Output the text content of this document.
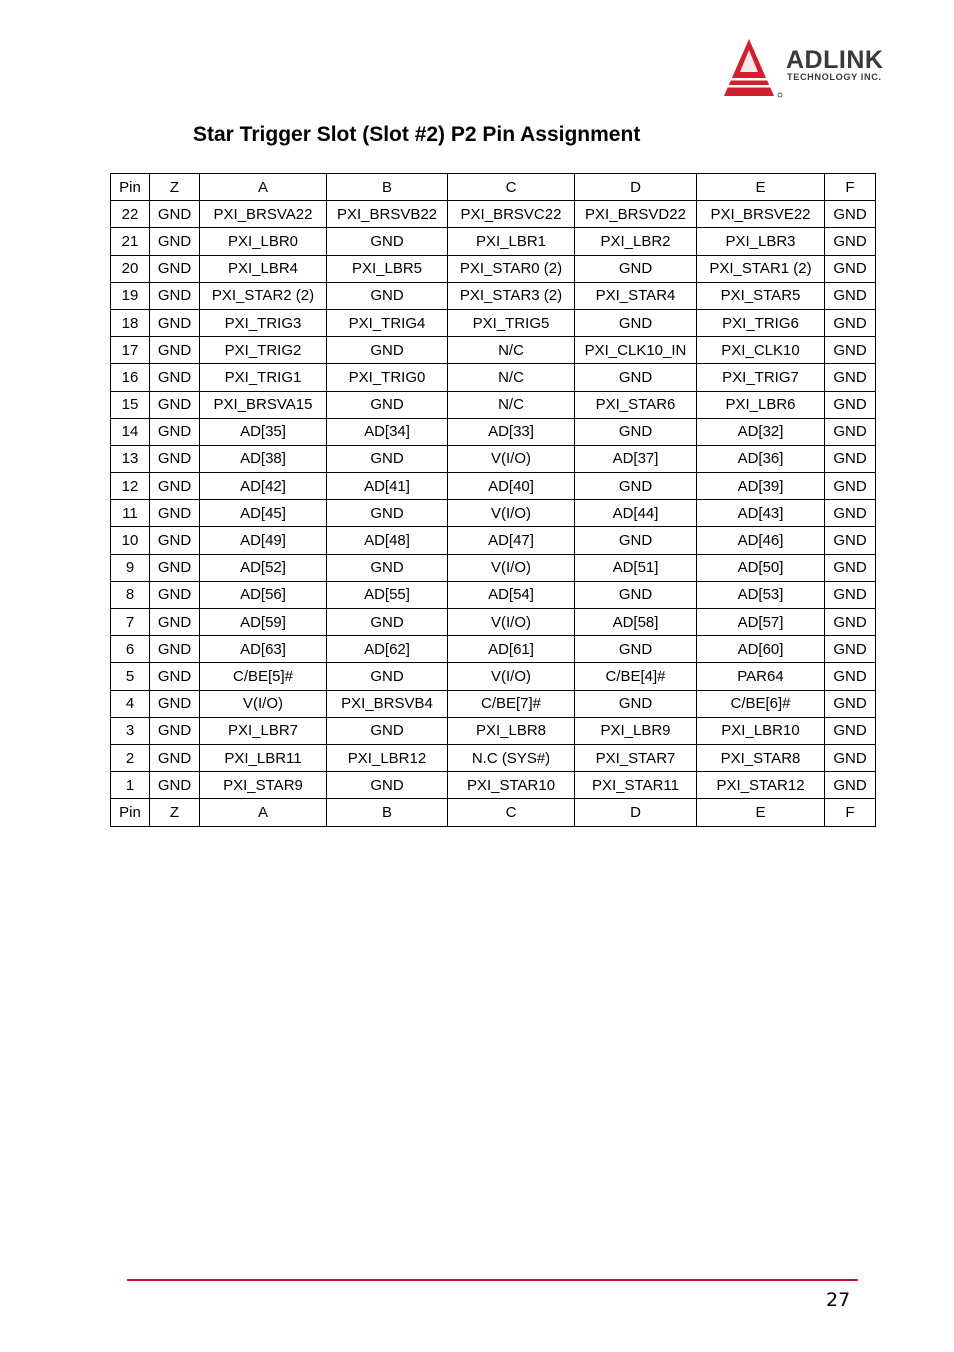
ADLINK
TECHNOLOGY INC.
Star Trigger Slot (Slot #2) P2 Pin Assignment
Pin	Z	A	B	C	D	E	F
22	GND	PXI_BRSVA22	PXI_BRSVB22	PXI_BRSVC22	PXI_BRSVD22	PXI_BRSVE22	GND
21	GND	PXI_LBR0	GND	PXI_LBR1	PXI_LBR2	PXI_LBR3	GND
20	GND	PXI_LBR4	PXI_LBR5	PXI_STAR0 (2)	GND	PXI_STAR1 (2)	GND
19	GND	PXI_STAR2 (2)	GND	PXI_STAR3 (2)	PXI_STAR4	PXI_STAR5	GND
18	GND	PXI_TRIG3	PXI_TRIG4	PXI_TRIG5	GND	PXI_TRIG6	GND
17	GND	PXI_TRIG2	GND	N/C	PXI_CLK10_IN	PXI_CLK10	GND
16	GND	PXI_TRIG1	PXI_TRIG0	N/C	GND	PXI_TRIG7	GND
15	GND	PXI_BRSVA15	GND	N/C	PXI_STAR6	PXI_LBR6	GND
14	GND	AD[35]	AD[34]	AD[33]	GND	AD[32]	GND
13	GND	AD[38]	GND	V(I/O)	AD[37]	AD[36]	GND
12	GND	AD[42]	AD[41]	AD[40]	GND	AD[39]	GND
11	GND	AD[45]	GND	V(I/O)	AD[44]	AD[43]	GND
10	GND	AD[49]	AD[48]	AD[47]	GND	AD[46]	GND
9	GND	AD[52]	GND	V(I/O)	AD[51]	AD[50]	GND
8	GND	AD[56]	AD[55]	AD[54]	GND	AD[53]	GND
7	GND	AD[59]	GND	V(I/O)	AD[58]	AD[57]	GND
6	GND	AD[63]	AD[62]	AD[61]	GND	AD[60]	GND
5	GND	C/BE[5]#	GND	V(I/O)	C/BE[4]#	PAR64	GND
4	GND	V(I/O)	PXI_BRSVB4	C/BE[7]#	GND	C/BE[6]#	GND
3	GND	PXI_LBR7	GND	PXI_LBR8	PXI_LBR9	PXI_LBR10	GND
2	GND	PXI_LBR11	PXI_LBR12	N.C (SYS#)	PXI_STAR7	PXI_STAR8	GND
1	GND	PXI_STAR9	GND	PXI_STAR10	PXI_STAR11	PXI_STAR12	GND
Pin	Z	A	B	C	D	E	F
27
